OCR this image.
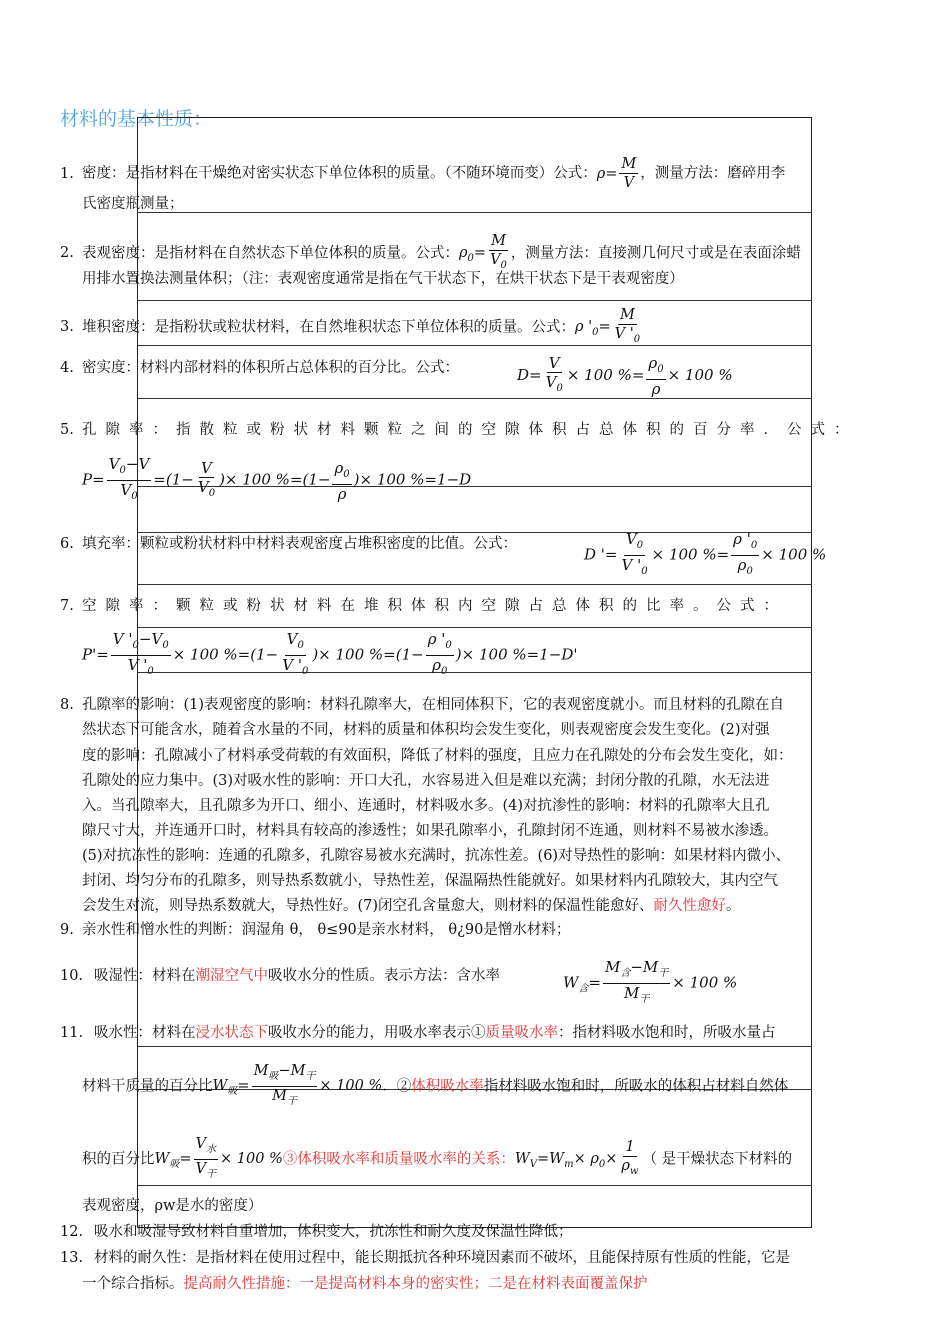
材料的基本性质：
1. 密度：是指材料在干燥绝对密实状态下单位体积的质量。（不随环境而变）公式：$\rho= \frac{M}{V}$ ，测量方法：磨碎用李
氏密度瓶测量；
2. 表观密度：是指材料在自然状态下单位体积的质量。公式：$\rho_0= \frac{M}{V_0}$ ，测量方法：直接测几何尺寸或是在表面涂蜡
用排水置换法测量体积；（注：表观密度通常是指在气干状态下，在烘干状态下是干表观密度）
3. 堆积密度：是指粉状或粒状材料，在自然堆积状态下单位体积的质量。公式：ρ '$_0= \frac{M}{V '_0}$
4. 密实度：材料内部材料的体积所占总体积的百分比。公式：	$D= \frac{V}{V_0} \times 100$ %= $\frac{\rho_0}{\rho} \times 100$ %
5. 孔隙率：指散粒或粉状材料颗粒之间的空隙体积占总体积的百分率．公式：
$P= \frac{V_0-V}{V_0} =(1- \frac{V}{V_0}$ )× 100 $\%=(1- \frac{\rho_0}{\rho}$ )× 100 %=1−D
6. 填充率：颗粒或粉状材料中材料表观密度占堆积密度的比值。公式：
D '= $\frac{V_0}{V '_0} \times 100$ %= $\frac{\rho '_0}{\rho_0} \times 100$ %
7. 空隙率：颗粒或粉状材料在堆积体积内空隙占总体积的比率。公式：
$P'= \frac{V '_0-V_0}{V '_0} \times 100$ $\%=(1- \frac{V_0}{V '_0}$ )× 100 $\%=(1- \frac{\rho '_0}{\rho_0}$ )× 100 %=1−D'
8. 孔隙率的影响：(1)表观密度的影响：材料孔隙率大，在相同体积下，它的表观密度就小。而且材料的孔隙在自
然状态下可能含水，随着含水量的不同，材料的质量和体积均会发生变化，则表观密度会发生变化。(2)对强
度的影响：孔隙减小了材料承受荷载的有效面积，降低了材料的强度，且应力在孔隙处的分布会发生变化，如：
孔隙处的应力集中。(3)对吸水性的影响：开口大孔，水容易进入但是难以充满；封闭分散的孔隙，水无法进
入。当孔隙率大，且孔隙多为开口、细小、连通时，材料吸水多。(4)对抗渗性的影响：材料的孔隙率大且孔
隙尺寸大，并连通开口时，材料具有较高的渗透性；如果孔隙率小，孔隙封闭不连通，则材料不易被水渗透。
(5)对抗冻性的影响：连通的孔隙多，孔隙容易被水充满时，抗冻性差。(6)对导热性的影响：如果材料内微小、
封闭、均匀分布的孔隙多，则导热系数就小，导热性差，保温隔热性能就好。如果材料内孔隙较大，其内空气
会发生对流，则导热系数就大，导热性好。(7)闭空孔含量愈大，则材料的保温性能愈好、耐久性愈好。
9. 亲水性和憎水性的判断：润湿角 θ， θ≤90是亲水材料， θ¿90是憎水材料；
10. 吸湿性：材料在潮湿空气中吸收水分的性质。表示方法：含水率	$W_含= \frac{M_含-M_干}{M_干} \times 100$ %
11. 吸水性：材料在浸水状态下吸收水分的能力，用吸水率表示①质量吸水率：指材料吸水饱和时，所吸水量占
材料干质量的百分比$W_吸= \frac{M_吸-M_干}{M_干} \times 100$ %．②体积吸水率指材料吸水饱和时，所吸水的体积占材料自然体
积的百分比$W_吸= \frac{V_水}{V_干} \times 100$ %③体积吸水率和质量吸水率的关系：$W_V=W_m\times \rho_0\times \frac{1}{\rho_w}$ （ 是干燥状态下材料的
表观密度，ρw是水的密度）
12. 吸水和吸湿导致材料自重增加，体积变大，抗冻性和耐久度及保温性降低；
13. 材料的耐久性：是指材料在使用过程中，能长期抵抗各种环境因素而不破坏，且能保持原有性质的性能，它是
一个综合指标。提高耐久性措施：一是提高材料本身的密实性；二是在材料表面覆盖保护
